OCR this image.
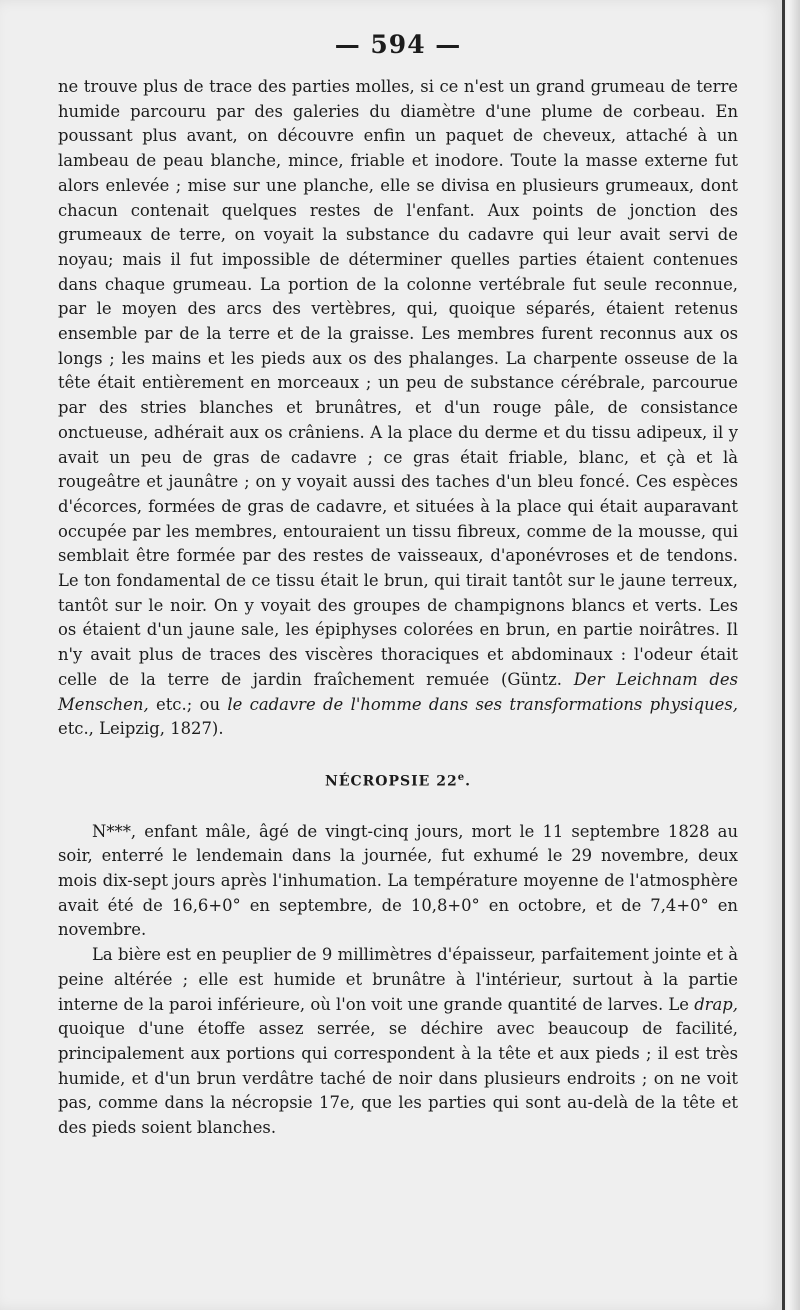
— 594 —

ne trouve plus de trace des parties molles, si ce n'est un grand grumeau de terre humide parcouru par des galeries du diamètre d'une plume de corbeau. En poussant plus avant, on découvre enfin un paquet de cheveux, attaché à un lambeau de peau blanche, mince, friable et inodore. Toute la masse externe fut alors enlevée ; mise sur une planche, elle se divisa en plusieurs grumeaux, dont chacun contenait quelques restes de l'enfant. Aux points de jonction des grumeaux de terre, on voyait la substance du cadavre qui leur avait servi de noyau; mais il fut impossible de déterminer quelles parties étaient contenues dans chaque grumeau. La portion de la colonne vertébrale fut seule reconnue, par le moyen des arcs des vertèbres, qui, quoique séparés, étaient retenus ensemble par de la terre et de la graisse. Les membres furent reconnus aux os longs ; les mains et les pieds aux os des phalanges. La charpente osseuse de la tête était entièrement en morceaux ; un peu de substance cérébrale, parcourue par des stries blanches et brunâtres, et d'un rouge pâle, de consistance onctueuse, adhérait aux os crâniens. A la place du derme et du tissu adipeux, il y avait un peu de gras de cadavre ; ce gras était friable, blanc, et çà et là rougeâtre et jaunâtre ; on y voyait aussi des taches d'un bleu foncé. Ces espèces d'écorces, formées de gras de cadavre, et situées à la place qui était auparavant occupée par les membres, entouraient un tissu fibreux, comme de la mousse, qui semblait être formée par des restes de vaisseaux, d'aponévroses et de tendons. Le ton fondamental de ce tissu était le brun, qui tirait tantôt sur le jaune terreux, tantôt sur le noir. On y voyait des groupes de champignons blancs et verts. Les os étaient d'un jaune sale, les épiphyses colorées en brun, en partie noirâtres. Il n'y avait plus de traces des viscères thoraciques et abdominaux : l'odeur était celle de la terre de jardin fraîchement remuée (Güntz. Der Leichnam des Menschen, etc.; ou le cadavre de l'homme dans ses transformations physiques, etc., Leipzig, 1827).

NÉCROPSIE 22e.

N***, enfant mâle, âgé de vingt-cinq jours, mort le 11 septembre 1828 au soir, enterré le lendemain dans la journée, fut exhumé le 29 novembre, deux mois dix-sept jours après l'inhumation. La température moyenne de l'atmosphère avait été de 16,6+0° en septembre, de 10,8+0° en octobre, et de 7,4+0° en novembre.

La bière est en peuplier de 9 millimètres d'épaisseur, parfaitement jointe et à peine altérée ; elle est humide et brunâtre à l'intérieur, surtout à la partie interne de la paroi inférieure, où l'on voit une grande quantité de larves. Le drap, quoique d'une étoffe assez serrée, se déchire avec beaucoup de facilité, principalement aux portions qui correspondent à la tête et aux pieds ; il est très humide, et d'un brun verdâtre taché de noir dans plusieurs endroits ; on ne voit pas, comme dans la nécropsie 17e, que les parties qui sont au-delà de la tête et des pieds soient blanches.
